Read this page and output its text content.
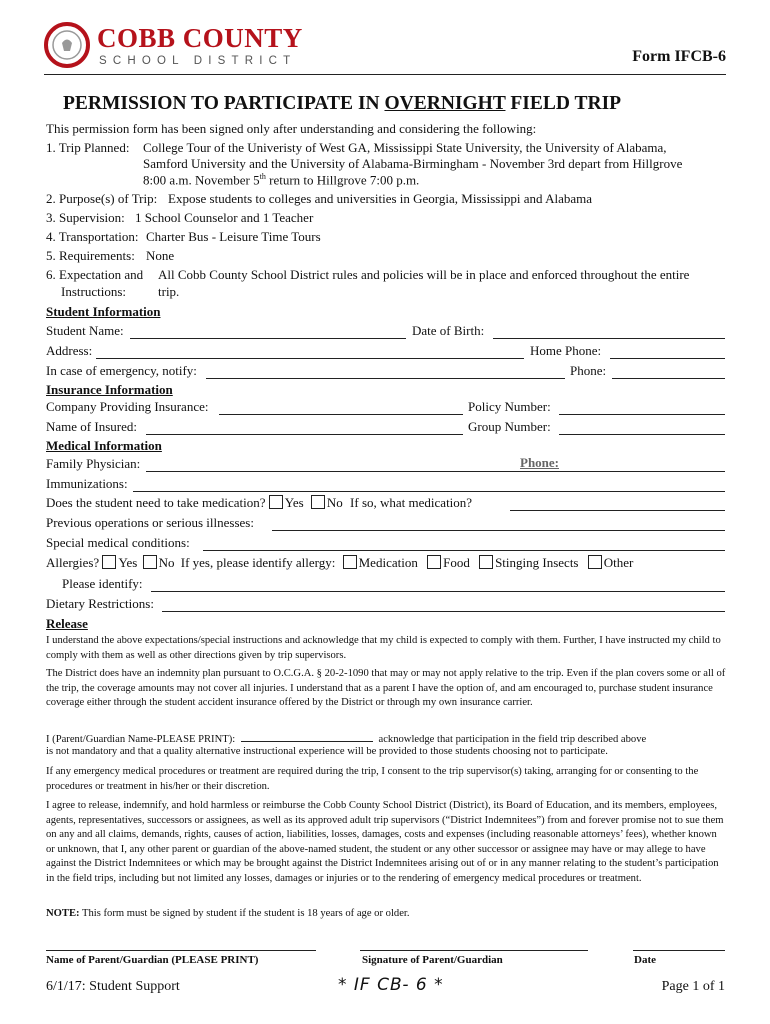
COBB COUNTY
SCHOOL DISTRICT	Form IFCB-6
PERMISSION TO PARTICIPATE IN OVERNIGHT FIELD TRIP
This permission form has been signed only after understanding and considering the following:
1. Trip Planned: College Tour of the Univeristy of West GA, Mississippi State University, the University of Alabama,
Samford University and the University of Alabama-Birmingham - November 3rd depart from Hillgrove
8:00 a.m. November 5th return to Hillgrove 7:00 p.m.
2. Purpose(s) of Trip: Expose students to colleges and universities in Georgia, Mississippi and Alabama
3. Supervision: 1 School Counselor and 1 Teacher
4. Transportation: Charter Bus - Leisure Time Tours
5. Requirements: None
6. Expectation and
Instructions:
All Cobb County School District rules and policies will be in place and enforced throughout the entire
trip.
Student Information
Student Name:	Date of Birth:
Address:	Home Phone:
In case of emergency, notify:	Phone:
Insurance Information
Company Providing Insurance:	Policy Number:
Name of Insured:	Group Number:
Medical Information
Family Physician:	Phone:
Immunizations:
Does the student need to take medication? Yes No If so, what medication?
Previous operations or serious illnesses:
Special medical conditions:
Allergies? Yes No If yes, please identify allergy: Medication Food Stinging Insects Other
Please identify:
Dietary Restrictions:
Release

I understand the above expectations/special instructions and acknowledge that my child is expected to comply with them. Further, I have instructed my child to comply with them as well as other directions given by trip supervisors.

The District does have an indemnity plan pursuant to O.C.G.A. § 20-2-1090 that may or may not apply relative to the trip. Even if the plan covers some or all of the trip, the coverage amounts may not cover all injuries. I understand that as a parent I have the option of, and am encouraged to, purchase student insurance coverage either through the student accident insurance offered by the District or through my own insurance carrier.

I (Parent/Guardian Name-PLEASE PRINT):	acknowledge that participation in the field trip described above
is not mandatory and that a quality alternative instructional experience will be provided to those students choosing not to participate.

If any emergency medical procedures or treatment are required during the trip, I consent to the trip supervisor(s) taking, arranging for or consenting to the procedures or treatment in his/her or their discretion.

I agree to release, indemnify, and hold harmless or reimburse the Cobb County School District (District), its Board of Education, and its members, employees, agents, representatives, successors or assignees, as well as its approved adult trip supervisors (“District Indemnitees”) from and forever promise not to sue them on any and all claims, demands, rights, causes of action, liabilities, losses, damages, costs and expenses (including reasonable attorneys’ fees), whether known or unknown, that I, any other parent or guardian of the above-named student, the student or any other successor or assignee may have or may allege to have against the District Indemnitees or which may be brought against the District Indemnitees arising out of or in any manner relating to the student’s participation in the field trips, including but not limited any losses, damages or injuries or to the rendering of emergency medical procedures or treatment.

NOTE: This form must be signed by student if the student is 18 years of age or older.
Name of Parent/Guardian (PLEASE PRINT)	Signature of Parent/Guardian	Date
6/1/17: Student Support	* IF CB- 6 *	Page 1 of 1
